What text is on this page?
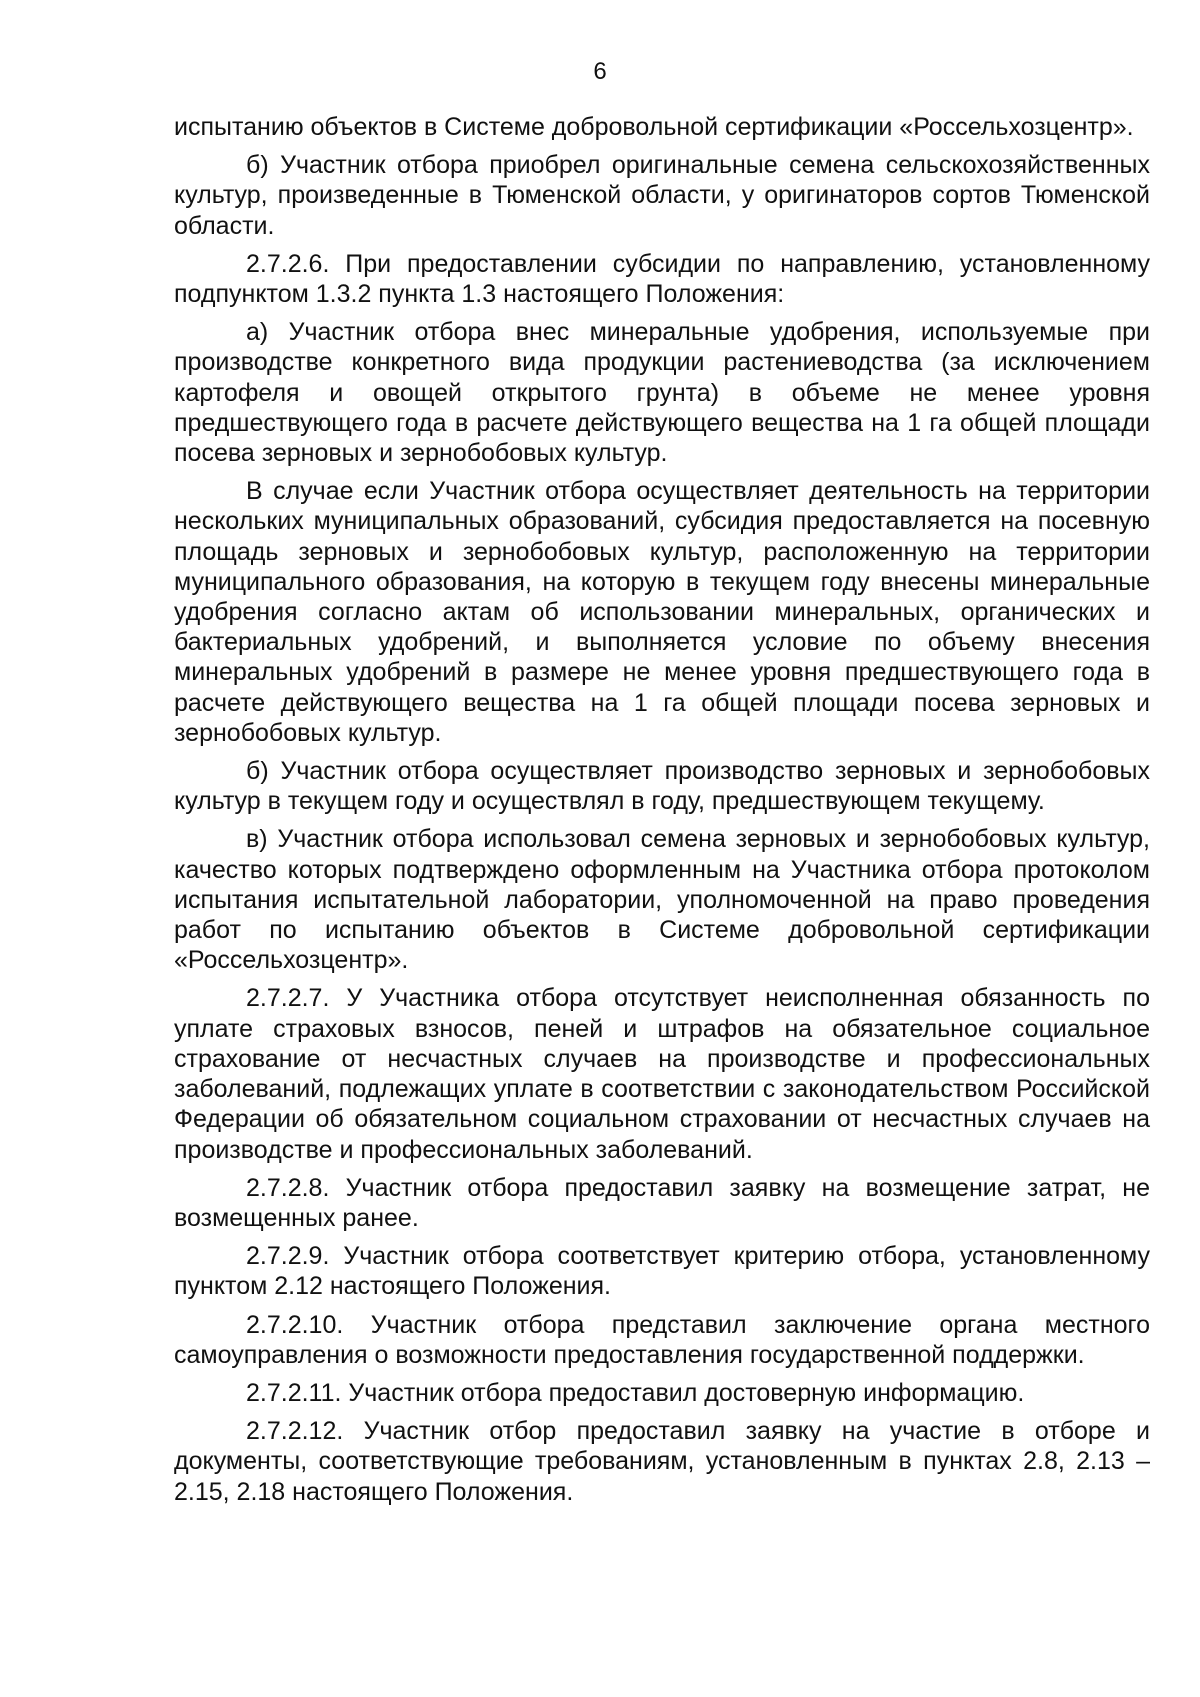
6

испытанию объектов в Системе добровольной сертификации «Россельхозцентр».

б) Участник отбора приобрел оригинальные семена сельскохозяйственных культур, произведенные в Тюменской области, у оригинаторов сортов Тюменской области.

2.7.2.6. При предоставлении субсидии по направлению, установленному подпунктом 1.3.2 пункта 1.3 настоящего Положения:

а) Участник отбора внес минеральные удобрения, используемые при производстве конкретного вида продукции растениеводства (за исключением картофеля и овощей открытого грунта) в объеме не менее уровня предшествующего года в расчете действующего вещества на 1 га общей площади посева зерновых и зернобобовых культур.

В случае если Участник отбора осуществляет деятельность на территории нескольких муниципальных образований, субсидия предоставляется на посевную площадь зерновых и зернобобовых культур, расположенную на территории муниципального образования, на которую в текущем году внесены минеральные удобрения согласно актам об использовании минеральных, органических и бактериальных удобрений, и выполняется условие по объему внесения минеральных удобрений в размере не менее уровня предшествующего года в расчете действующего вещества на 1 га общей площади посева зерновых и зернобобовых культур.

б) Участник отбора осуществляет производство зерновых и зернобобовых культур в текущем году и осуществлял в году, предшествующем текущему.

в) Участник отбора использовал семена зерновых и зернобобовых культур, качество которых подтверждено оформленным на Участника отбора протоколом испытания испытательной лаборатории, уполномоченной на право проведения работ по испытанию объектов в Системе добровольной сертификации «Россельхозцентр».

2.7.2.7. У Участника отбора отсутствует неисполненная обязанность по уплате страховых взносов, пеней и штрафов на обязательное социальное страхование от несчастных случаев на производстве и профессиональных заболеваний, подлежащих уплате в соответствии с законодательством Российской Федерации об обязательном социальном страховании от несчастных случаев на производстве и профессиональных заболеваний.

2.7.2.8. Участник отбора предоставил заявку на возмещение затрат, не возмещенных ранее.

2.7.2.9. Участник отбора соответствует критерию отбора, установленному пунктом 2.12 настоящего Положения.

2.7.2.10. Участник отбора представил заключение органа местного самоуправления о возможности предоставления государственной поддержки.

2.7.2.11. Участник отбора предоставил достоверную информацию.

2.7.2.12. Участник отбор предоставил заявку на участие в отборе и документы, соответствующие требованиям, установленным в пунктах 2.8, 2.13 – 2.15, 2.18 настоящего Положения.
